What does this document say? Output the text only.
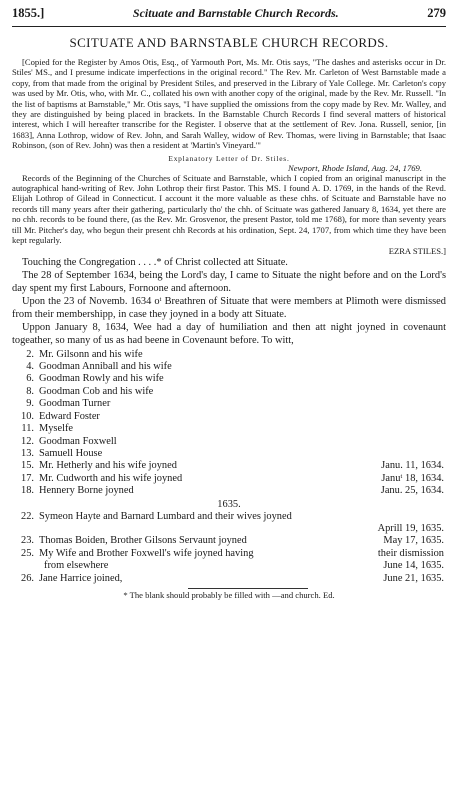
1855.]	Scituate and Barnstable Church Records.	279
SCITUATE AND BARNSTABLE CHURCH RECORDS.

[Copied for the Register by Amos Otis, Esq., of Yarmouth Port, Ms. Mr. Otis says, "The dashes and asterisks occur in Dr. Stiles' MS., and I presume indicate imperfections in the original record." The Rev. Mr. Carleton of West Barnstable made a copy, from that made from the original by President Stiles, and preserved in the Library of Yale College. Mr. Carleton's copy was used by Mr. Otis, who, with Mr. C., collated his own with another copy of the original, made by the Rev. Mr. Russell. "In the list of baptisms at Barnstable," Mr. Otis says, "I have supplied the omissions from the copy made by Rev. Mr. Walley, and they are distinguished by being placed in brackets. In the Barnstable Church Records I find several matters of historical interest, which I will hereafter transcribe for the Register. I observe that at the settlement of Rev. Jona. Russell, senior, [in 1683], Anna Lothrop, widow of Rev. John, and Sarah Walley, widow of Rev. Thomas, were living in Barnstable; that Isaac Robinson, (son of Rev. John) was then a resident at 'Martin's Vineyard.'"

Explanatory Letter of Dr. Stiles.

Newport, Rhode Island, Aug. 24, 1769.

Records of the Beginning of the Churches of Scituate and Barnstable, which I copied from an original manuscript in the autographical hand-writing of Rev. John Lothrop their first Pastor. This MS. I found A. D. 1769, in the hands of the Revd. Elijah Lothrop of Gilead in Connecticut. I account it the more valuable as these chhs. of Scituate and Barnstable have no records till many years after their gathering, particularly tho' the chh. of Scituate was gathered January 8, 1634, yet there are no chh. records to be found there, (as the Rev. Mr. Grosvenor, the present Pastor, told me 1768), for more than seventy years till Mr. Pitcher's day, who begun their present chh Records at his ordination, Sept. 24, 1707, from which time they have been kept regularly.

EZRA STILES.]

Touching the Congregation . . . .* of Christ collected att Situate.

The 28 of September 1634, being the Lord's day, I came to Situate the night before and on the Lord's day spent my first Labours, Fornoone and afternoon.

Upon the 23 of Novemb. 1634 oᵗ Breathren of Situate that were members at Plimoth were dismissed from their membershipp, in case they joyned in a body att Situate.

Uppon January 8, 1634, Wee had a day of humiliation and then att night joyned in covenaunt togeather, so many of us as had beene in Covenaunt before. To witt,

2. Mr. Gilsonn and his wife
4. Goodman Anniball and his wife
6. Goodman Rowly and his wife
8. Goodman Cob and his wife
9. Goodman Turner
10. Edward Foster
11. Myselfe
12. Goodman Foxwell
13. Samuell House
15. Mr. Hetherly and his wife joyned	Janu. 11, 1634.
17. Mr. Cudworth and his wife joyned	Januᵗ 18, 1634.
18. Hennery Borne joyned	Janu. 25, 1634.
1635.
22. Symeon Hayte and Barnard Lumbard and their wives joyned
Aprill 19, 1635.
23. Thomas Boiden, Brother Gilsons Servaunt joyned	May 17, 1635.
25. My Wife and Brother Foxwell's wife joyned having	their dismission
from elsewhere	June 14, 1635.
26. Jane Harrice joined,	June 21, 1635.
* The blank should probably be filled with —and church. Ed.
